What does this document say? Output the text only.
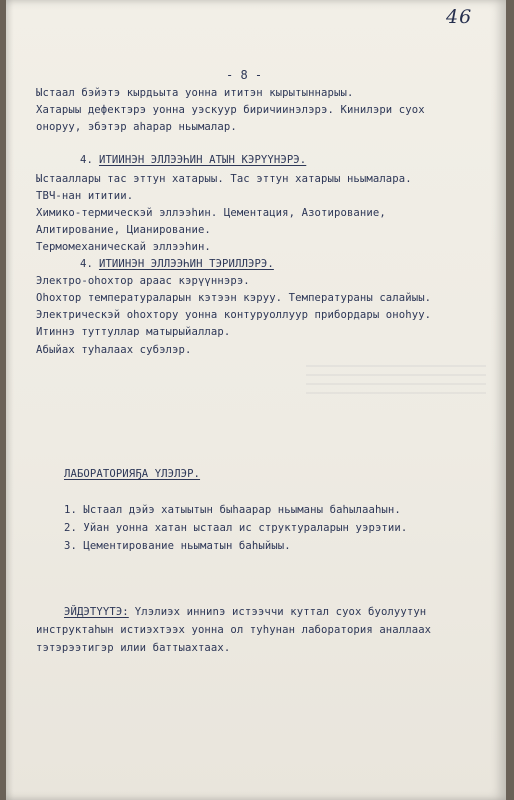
46
- 8 -
Ыстаал бэйэтэ кырдьыта уонна ититэн кырытыннарыы.
Хатарыы дефектэрэ уонна уэскуур биричиинэлэрэ. Кинилэри суох
оноруу, эбэтэр аһарар ньымалар.
4. ИТИИНЭН ЭЛЛЭЭҺИН АТЫН КЭРҮҮНЭРЭ.
Ыстааллары тас эттун хатарыы. Тас эттун хатарыы ньымалара.
ТВЧ-нан ититии.
Химико-термическэй эллээһин. Цементация, Азотирование,
Алитирование, Цианирование.
Термомеханическай эллээһин.
4. ИТИИНЭН ЭЛЛЭЭҺИН ТЭРИЛЛЭРЭ.
Электро-оһохтор араас кэрүүннэрэ.
Оһохтор температураларын кэтээн кэруу. Температураны салайыы.
Электрическэй оһохтору уонна контуруоллуур прибордары оноһуу.
Итиннэ туттуллар матырыйаллар.
Абыйах туһалаах субэлэр.
ЛАБОРАТОРИЯҔА ҮЛЭЛЭР.
1. Ыстаал дэйэ хатыытын быһаарар ньыманы баһылааһын.
2. Уйан уонна хатан ыстаал ис структураларын уэрэтии.
3. Цементирование ньыматын баһыйыы.
ЭЙДЭТҮҮТЭ: Үлэлиэх инниnэ истээччи куттал суох буолуутун
инструктаһын истиэхтээх уонна ол туһунан лаборатория аналлаах
тэтэрээтигэр илии баттыахтаах.
